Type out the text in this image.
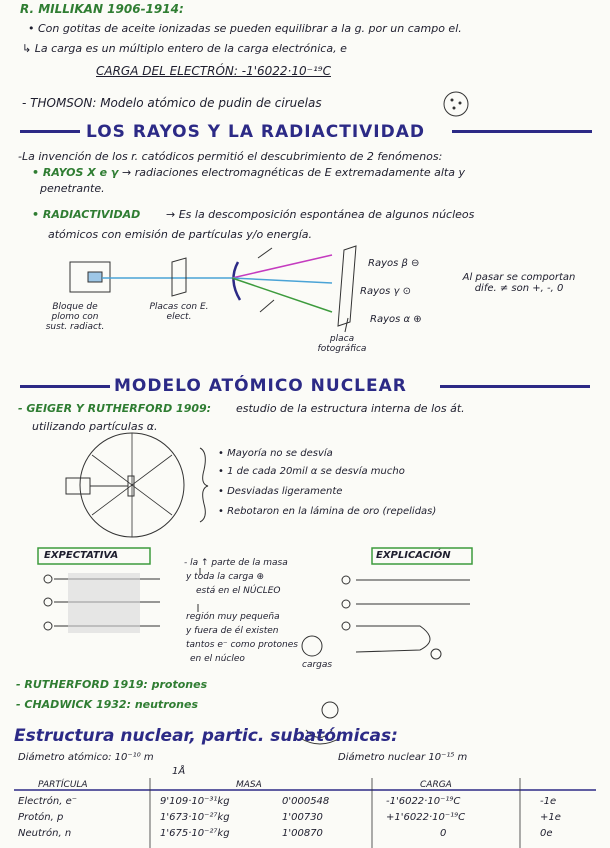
R. MILLIKAN 1906-1914:
• Con gotitas de aceite ionizadas se pueden equilibrar a la g. por un campo el.
↳ La carga es un múltiplo entero de la carga electrónica, e
CARGA DEL ELECTRÓN: -1'6022·10⁻¹⁹C
- THOMSON: Modelo atómico de pudin de ciruelas
LOS RAYOS Y LA RADIACTIVIDAD
-La invención de los r. catódicos permitió el descubrimiento de 2 fenómenos:
• RAYOS X e γ → radiaciones electromagnéticas de E extremadamente alta y
penetrante.
• RADIACTIVIDAD → Es la descomposición espontánea de algunos núcleos
atómicos con emisión de partículas y/o energía.
Bloque de plomo con sust. radiact.
Placas con E. elect.
Rayos β ⊖
Rayos γ ⊙
Rayos α ⊕
placa fotográfica
Al pasar se comportan dife. ≠ son +, -, 0
MODELO ATÓMICO NUCLEAR
- GEIGER Y RUTHERFORD 1909: estudio de la estructura interna de los át.
utilizando partículas α.
• Mayoría no se desvía
• 1 de cada 20mil α se desvía mucho
• Desviadas ligeramente
• Rebotaron en la lámina de oro (repelidas)
EXPECTATIVA	EXPLICACIÓN
- la ↑ parte de la masa
y toda la carga ⊕
está en el NÚCLEO
región muy pequeña
y fuera de él existen
tantos e⁻ como protones
en el núcleo
cargas
- RUTHERFORD 1919: protones
- CHADWICK 1932: neutrones
Estructura nuclear, partic. subatómicas:
Diámetro atómico: 10⁻¹⁰ m
1Å
Diámetro nuclear 10⁻¹⁵ m
PARTÍCULA	MASA	CARGA
Electrón, e⁻	9'109·10⁻³¹kg	0'000548	-1'6022·10⁻¹⁹C	-1e
Protón, p	1'673·10⁻²⁷kg	1'00730	+1'6022·10⁻¹⁹C	+1e
Neutrón, n	1'675·10⁻²⁷kg	1'00870	0	0e
